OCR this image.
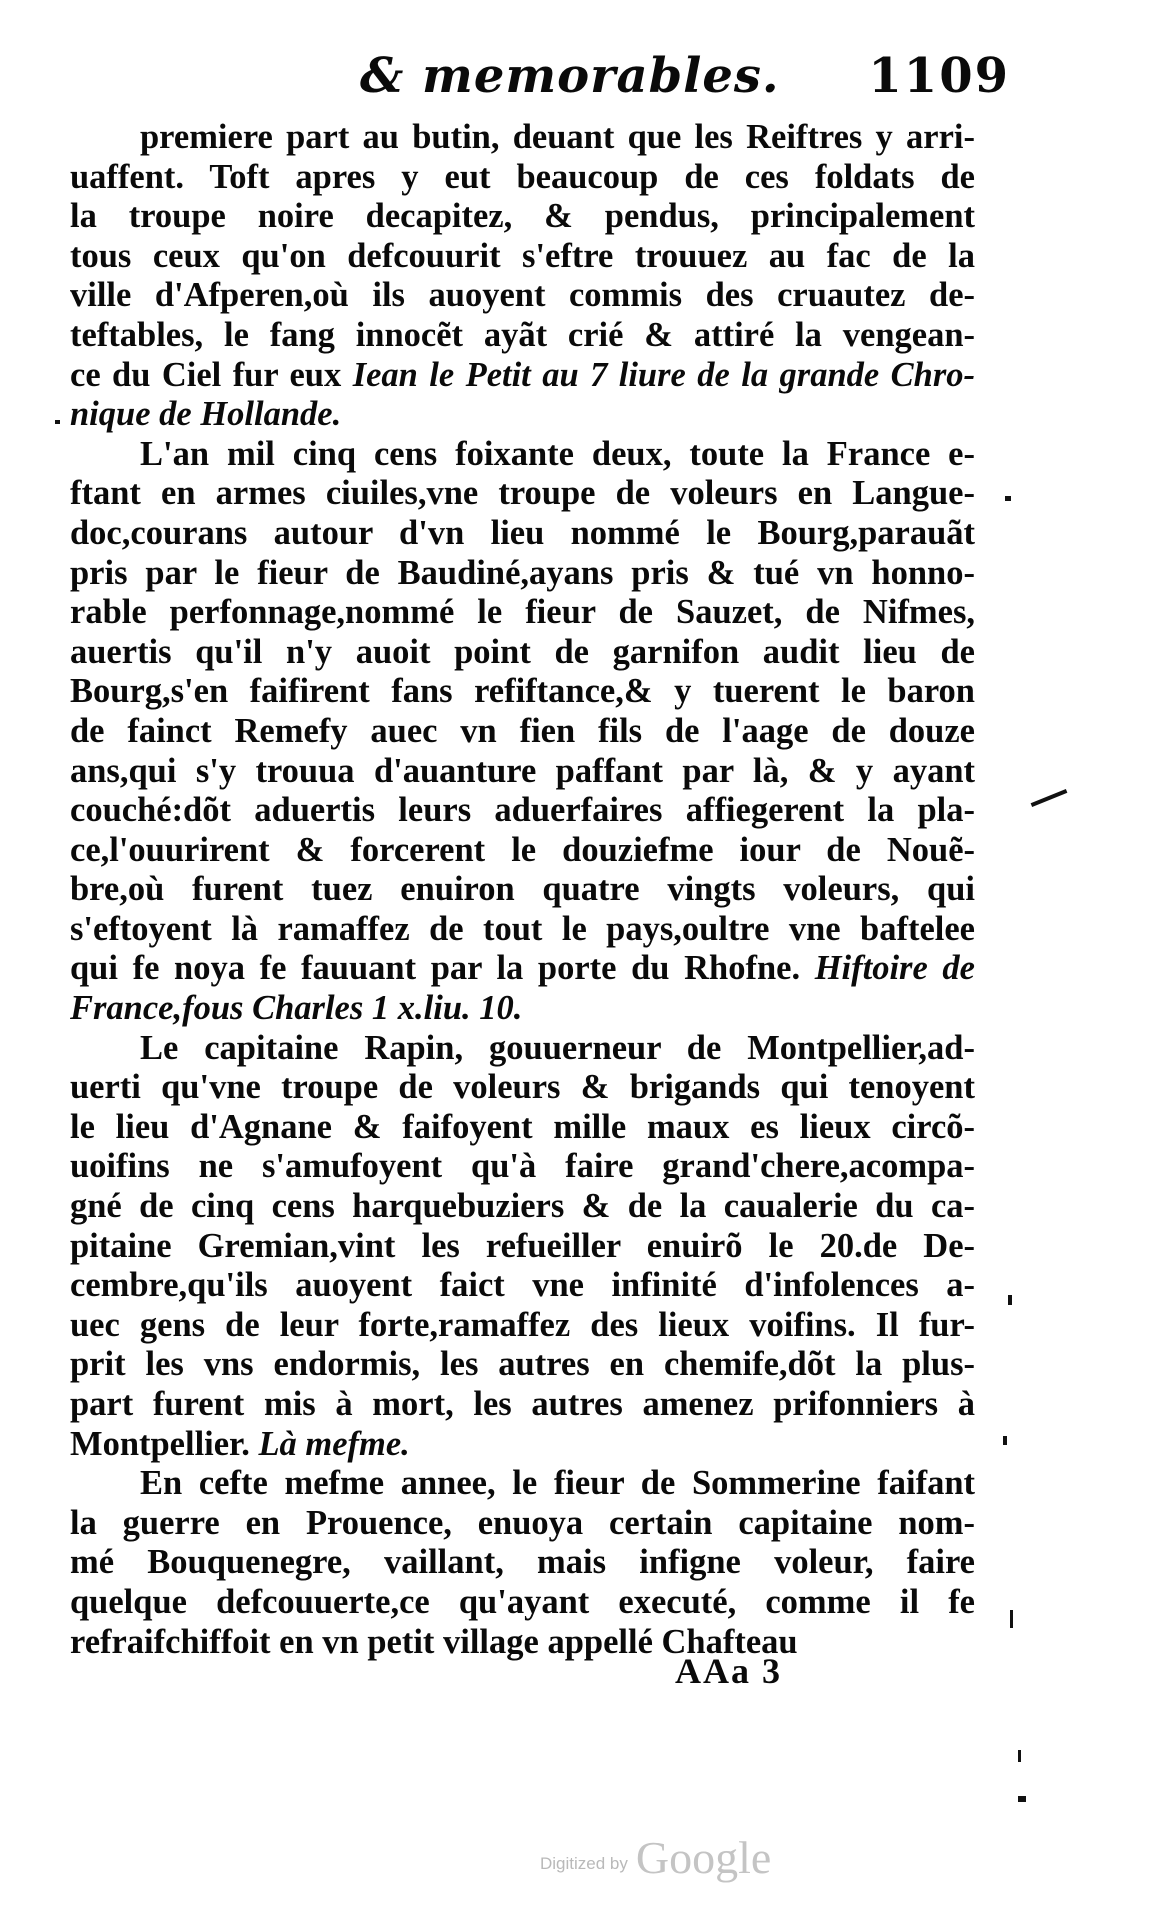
& memorables. 1109
premiere part au butin, deuant que les Reiftres y arri-
uaffent. Toft apres y eut beaucoup de ces foldats de
la troupe noire decapitez, & pendus, principalement
tous ceux qu'on defcouurit s'eftre trouuez au fac de la
ville d'Afperen,où ils auoyent commis des cruautez de-
teftables, le fang innocẽt ayãt crié & attiré la vengean-
ce du Ciel fur eux Iean le Petit au 7 liure de la grande Chro-
nique de Hollande.
L'an mil cinq cens foixante deux, toute la France e-
ftant en armes ciuiles,vne troupe de voleurs en Langue-
doc,courans autour d'vn lieu nommé le Bourg,parauãt
pris par le fieur de Baudiné,ayans pris & tué vn honno-
rable perfonnage,nommé le fieur de Sauzet, de Nifmes,
auertis qu'il n'y auoit point de garnifon audit lieu de
Bourg,s'en faifirent fans refiftance,& y tuerent le baron
de fainct Remefy auec vn fien fils de l'aage de douze
ans,qui s'y trouua d'auanture paffant par là, & y ayant
couché:dõt aduertis leurs aduerfaires affiegerent la pla-
ce,l'ouurirent & forcerent le douziefme iour de Nouẽ-
bre,où furent tuez enuiron quatre vingts voleurs, qui
s'eftoyent là ramaffez de tout le pays,oultre vne baftelee
qui fe noya fe fauuant par la porte du Rhofne. Hiftoire de
France,fous Charles 1 x.liu. 10.
Le capitaine Rapin, gouuerneur de Montpellier,ad-
uerti qu'vne troupe de voleurs & brigands qui tenoyent
le lieu d'Agnane & faifoyent mille maux es lieux circõ-
uoifins ne s'amufoyent qu'à faire grand'chere,acompa-
gné de cinq cens harquebuziers & de la caualerie du ca-
pitaine Gremian,vint les refueiller enuirõ le 20.de De-
cembre,qu'ils auoyent faict vne infinité d'infolences a-
uec gens de leur forte,ramaffez des lieux voifins. Il fur-
prit les vns endormis, les autres en chemife,dõt la plus-
part furent mis à mort, les autres amenez prifonniers à
Montpellier. Là mefme.
En cefte mefme annee, le fieur de Sommerine faifant
la guerre en Prouence, enuoya certain capitaine nom-
mé Bouquenegre, vaillant, mais infigne voleur, faire
quelque defcouuerte,ce qu'ayant executé, comme il fe
refraifchiffoit en vn petit village appellé Chafteau
AAa 3
Digitized by Google
